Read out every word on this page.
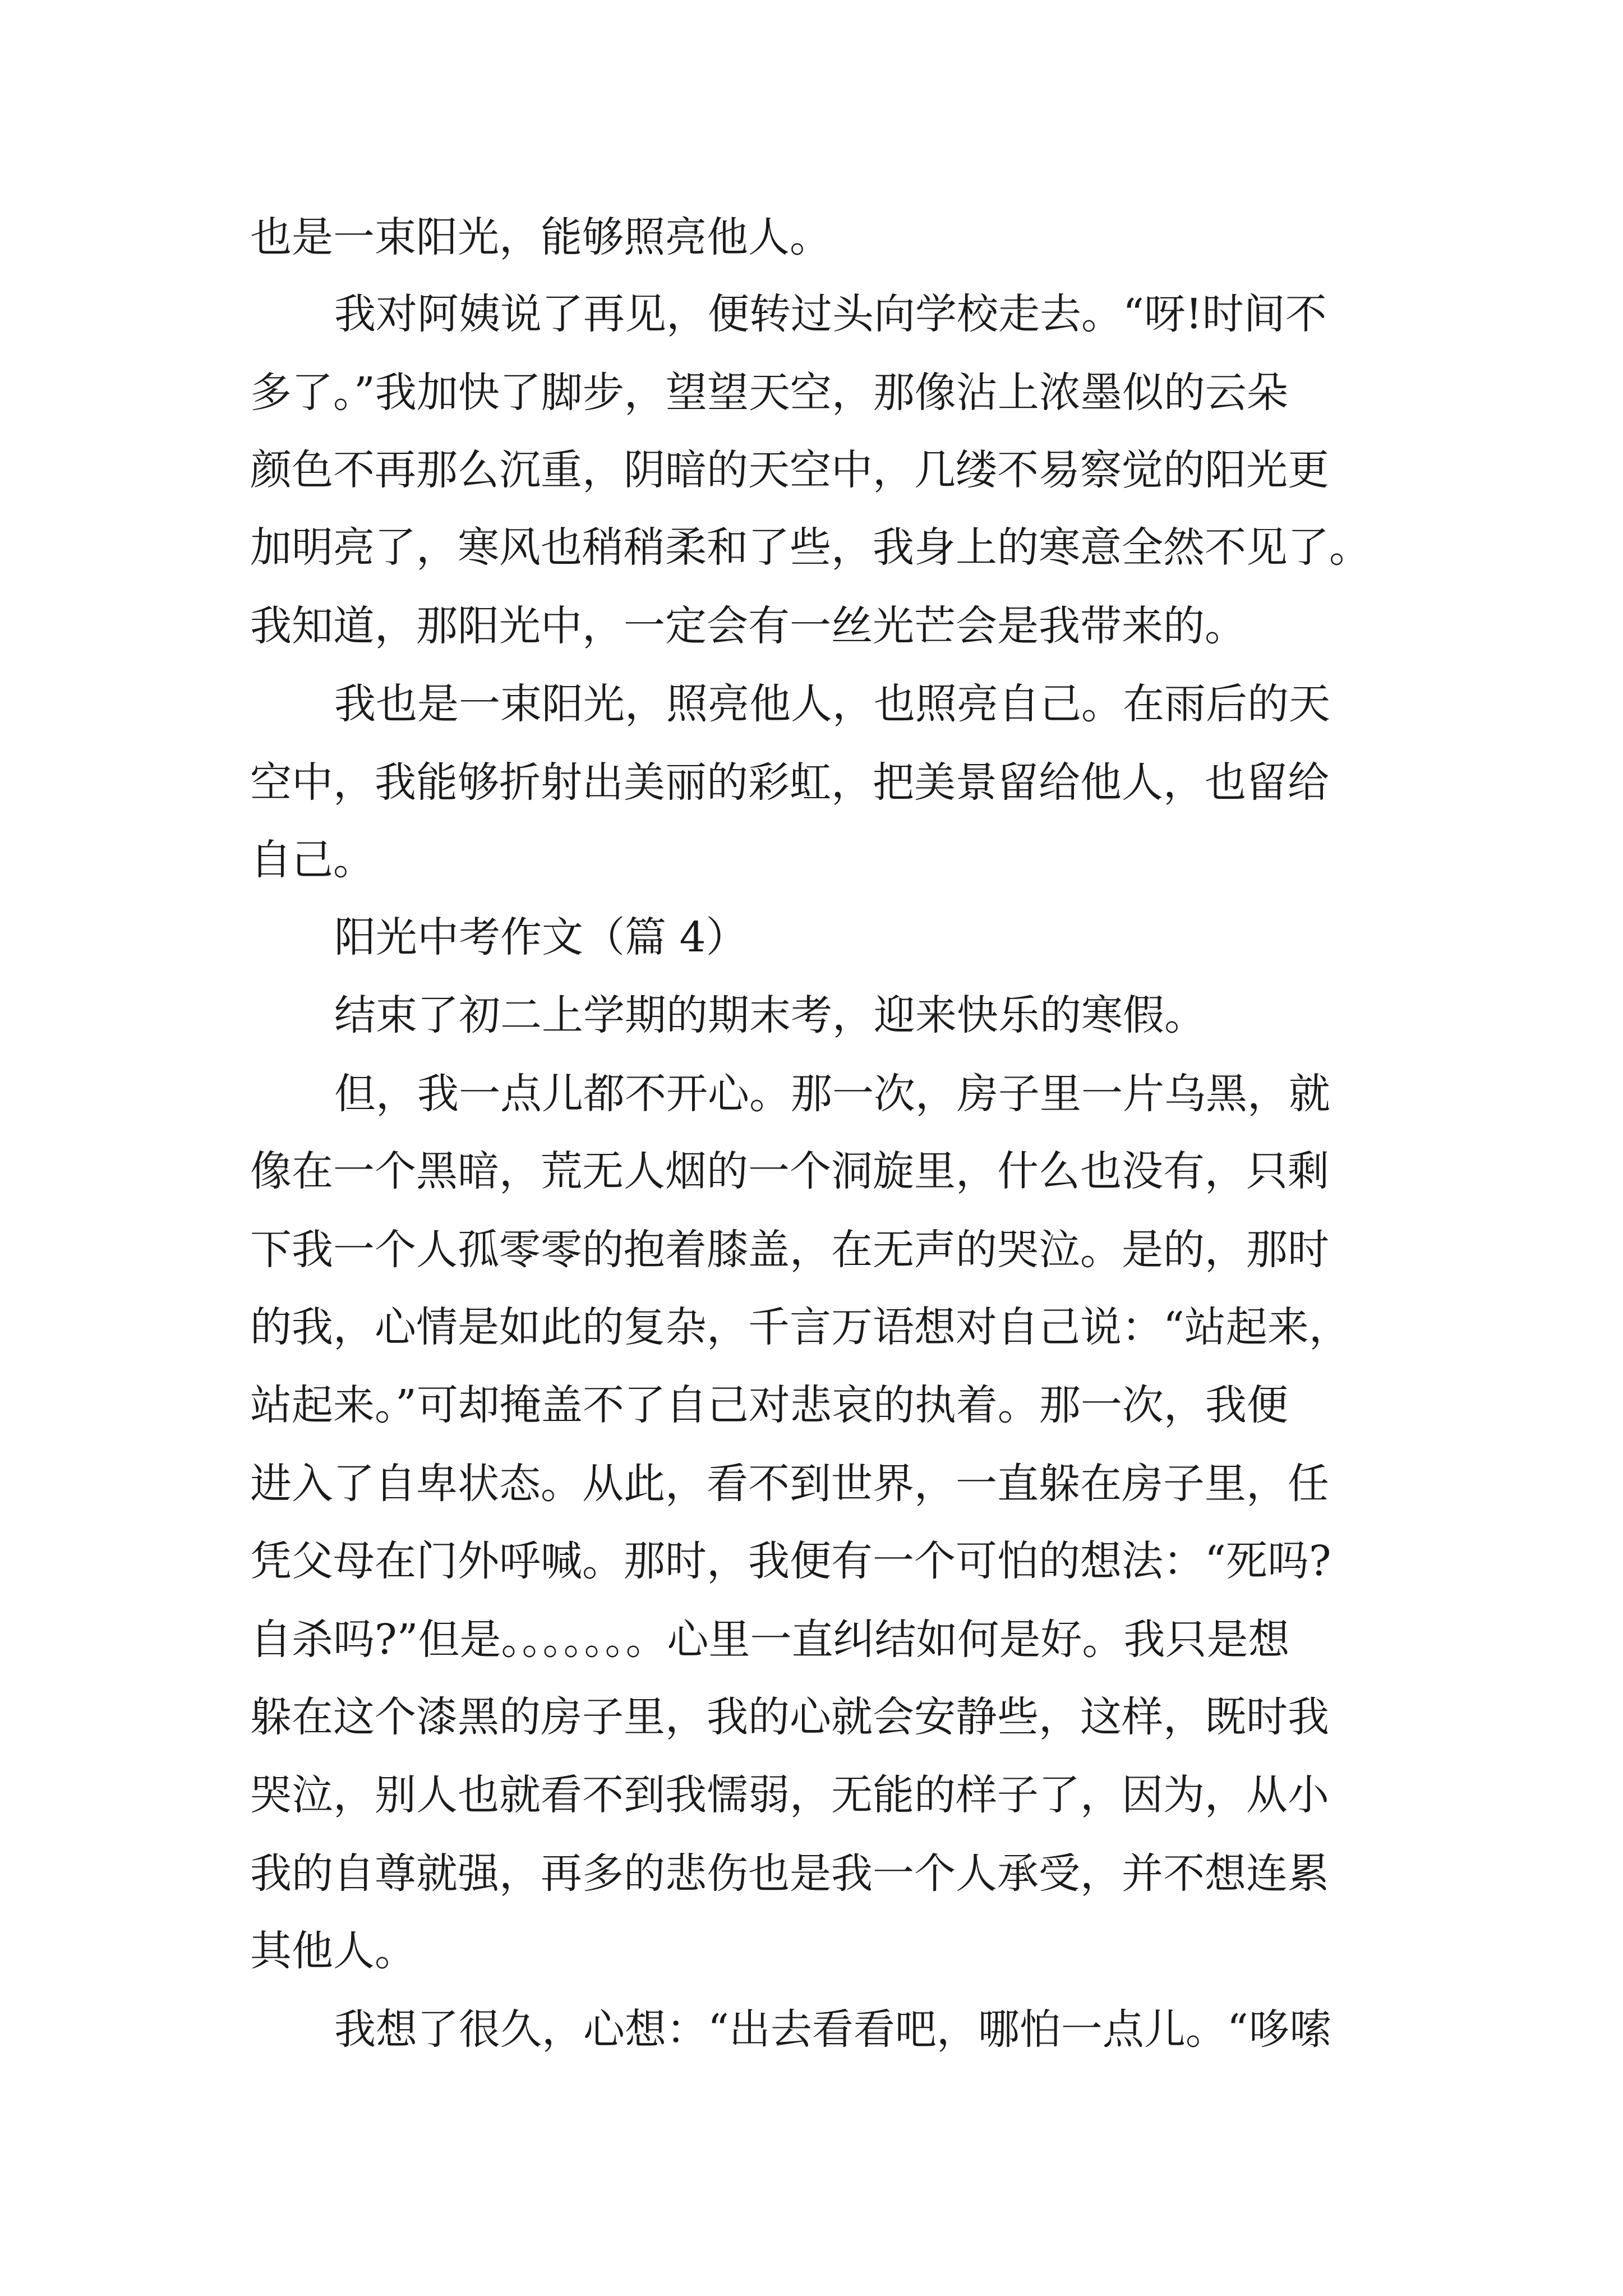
也是一束阳光，能够照亮他人。
我对阿姨说了再见，便转过头向学校走去。“呀!时间不
多了。”我加快了脚步，望望天空，那像沾上浓墨似的云朵
颜色不再那么沉重，阴暗的天空中，几缕不易察觉的阳光更
加明亮了，寒风也稍稍柔和了些，我身上的寒意全然不见了。
我知道，那阳光中，一定会有一丝光芒会是我带来的。
我也是一束阳光，照亮他人，也照亮自己。在雨后的天
空中，我能够折射出美丽的彩虹，把美景留给他人，也留给
自己。
阳光中考作文（篇 4）
结束了初二上学期的期末考，迎来快乐的寒假。
但，我一点儿都不开心。那一次，房子里一片乌黑，就
像在一个黑暗，荒无人烟的一个洞旋里，什么也没有，只剩
下我一个人孤零零的抱着膝盖，在无声的哭泣。是的，那时
的我，心情是如此的复杂，千言万语想对自己说：“站起来，
站起来。”可却掩盖不了自己对悲哀的执着。那一次，我便
进入了自卑状态。从此，看不到世界，一直躲在房子里，任
凭父母在门外呼喊。那时，我便有一个可怕的想法：“死吗?
自杀吗?”但是。。。。。。。心里一直纠结如何是好。我只是想
躲在这个漆黑的房子里，我的心就会安静些，这样，既时我
哭泣，别人也就看不到我懦弱，无能的样子了，因为，从小
我的自尊就强，再多的悲伤也是我一个人承受，并不想连累
其他人。
我想了很久，心想：“出去看看吧，哪怕一点儿。“哆嗦
